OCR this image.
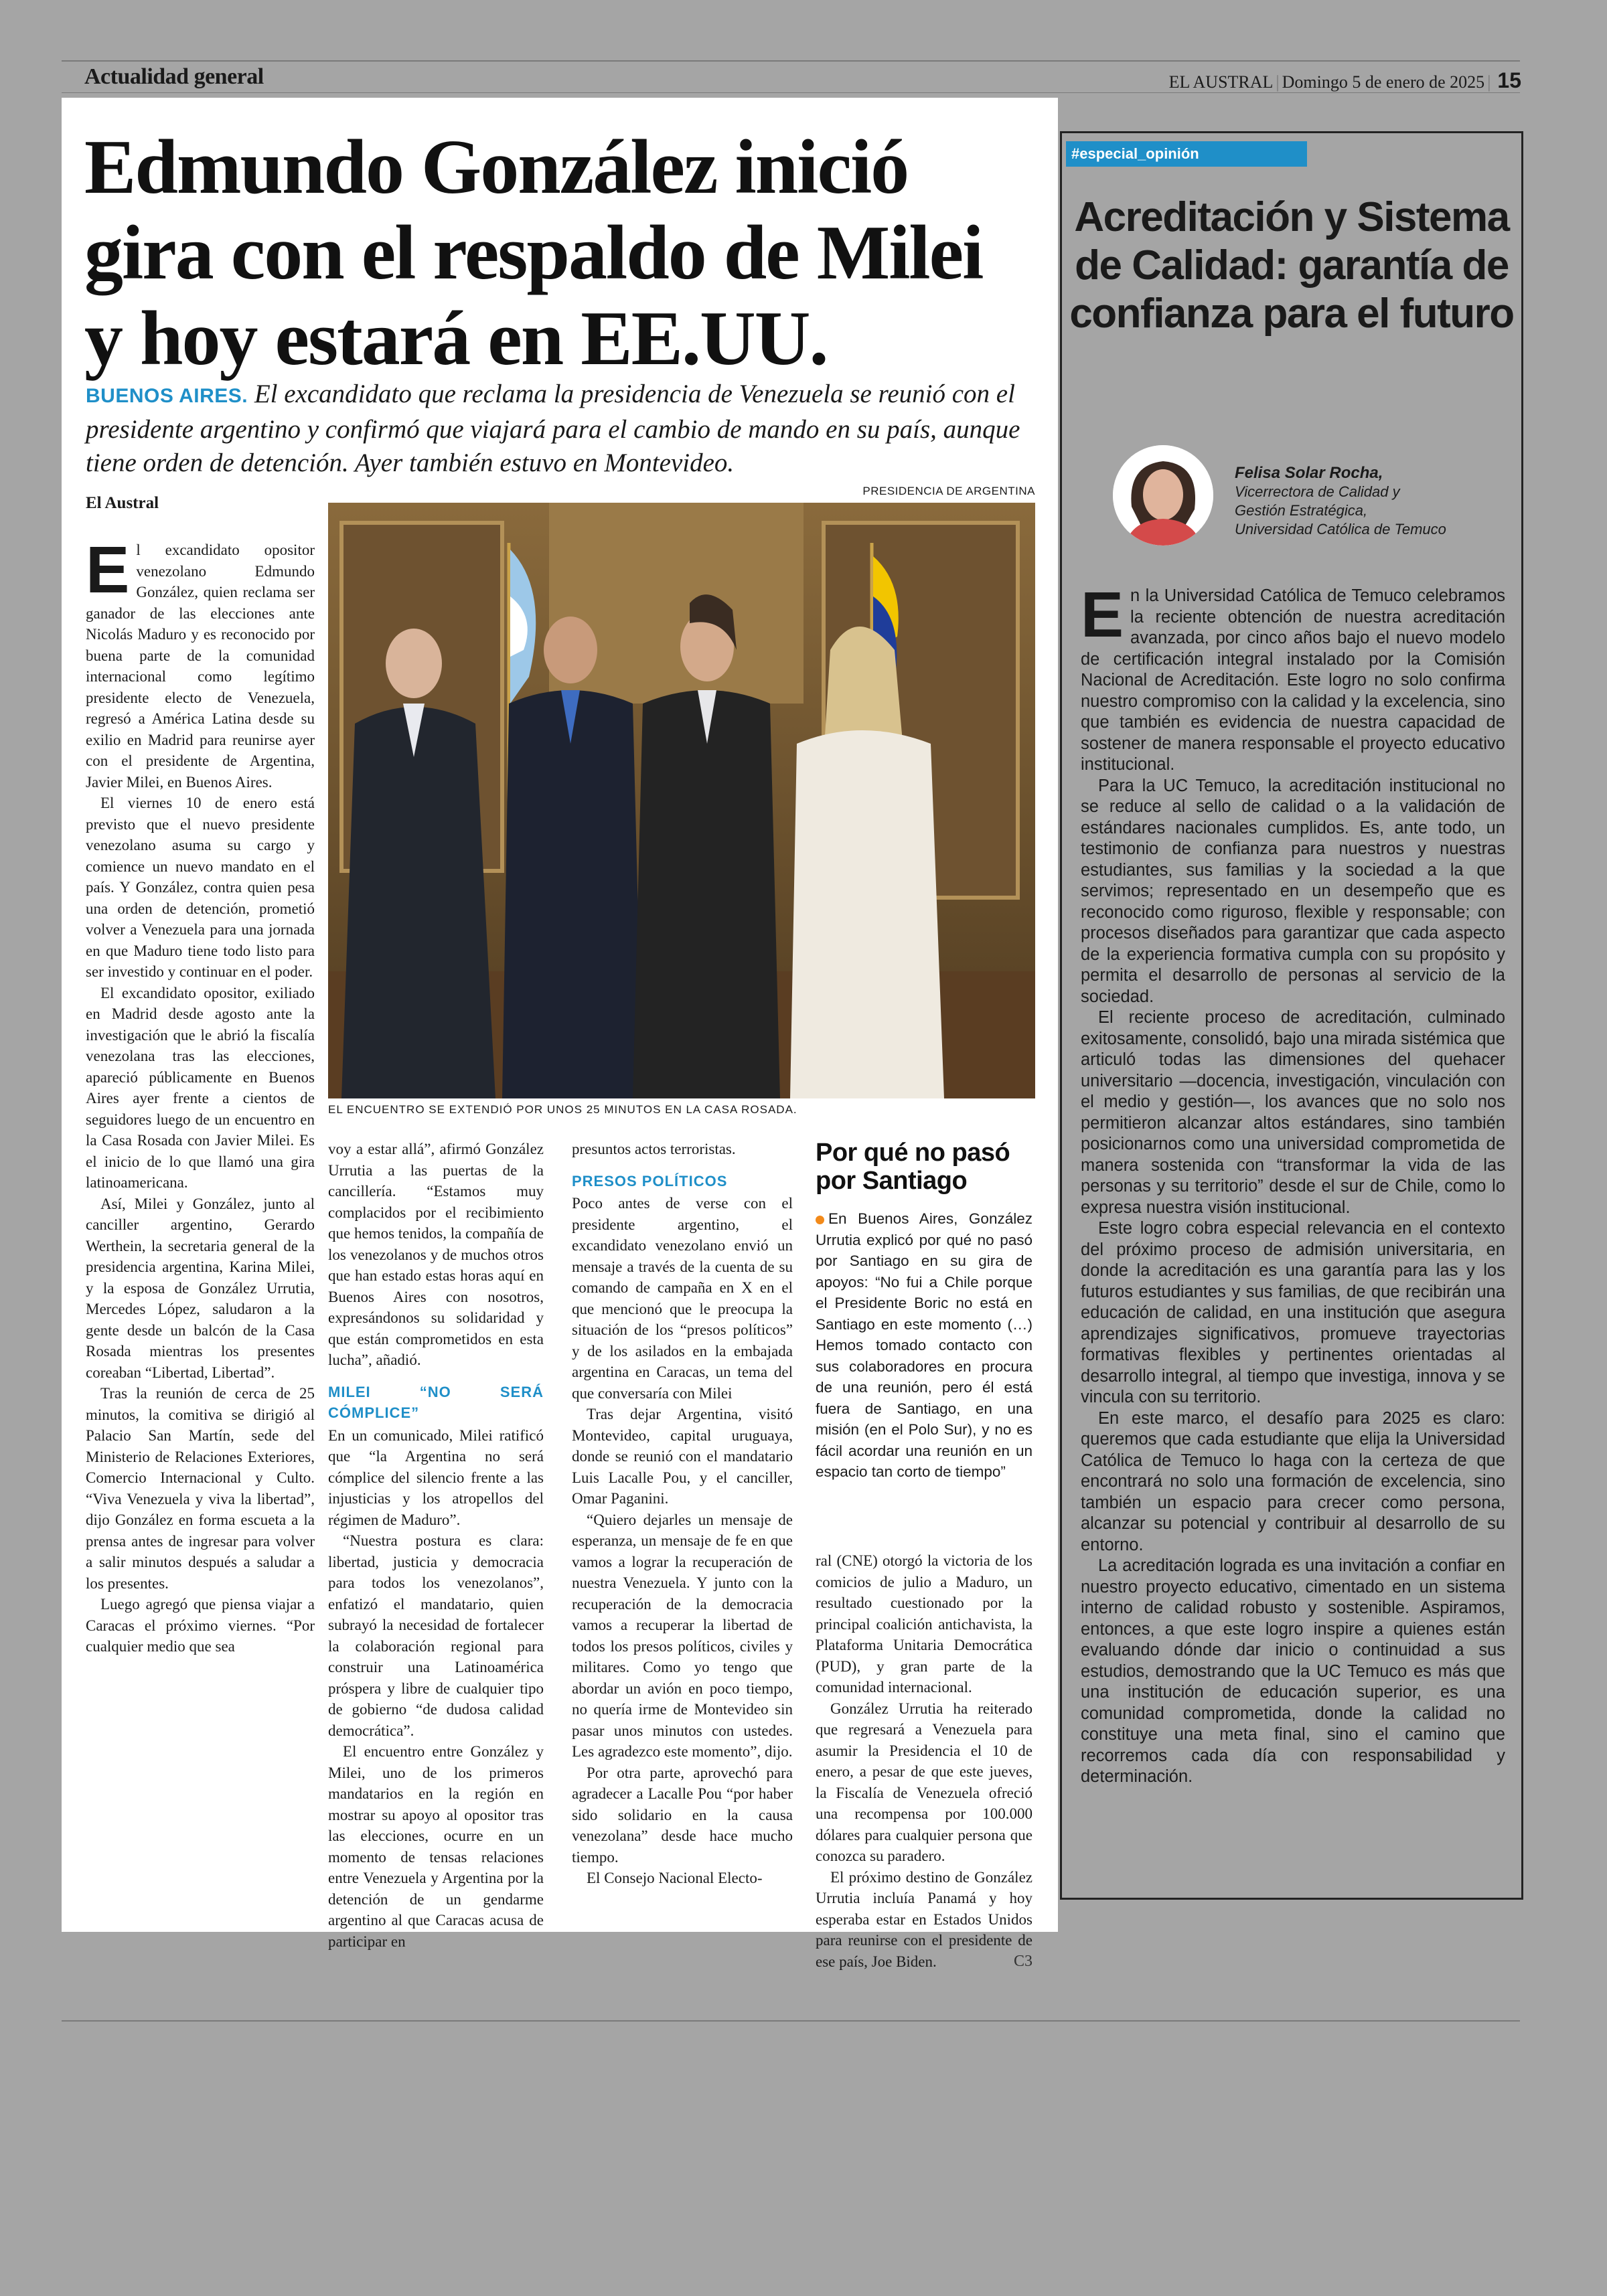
Actualidad general	EL AUSTRAL | Domingo 5 de enero de 2025 | 15
Edmundo González inició gira con el respaldo de Milei y hoy estará en EE.UU.
BUENOS AIRES. El excandidato que reclama la presidencia de Venezuela se reunió con el presidente argentino y confirmó que viajará para el cambio de mando en su país, aunque tiene orden de detención. Ayer también estuvo en Montevideo.
El Austral
PRESIDENCIA DE ARGENTINA
EL ENCUENTRO SE EXTENDIÓ POR UNOS 25 MINUTOS EN LA CASA ROSADA.
E l excandidato opositor venezolano Edmundo González, quien reclama ser ganador de las elecciones ante Nicolás Maduro y es reconocido por buena parte de la comunidad internacional como legítimo presidente electo de Venezuela, regresó a América Latina desde su exilio en Madrid para reunirse ayer con el presidente de Argentina, Javier Milei, en Buenos Aires.

El viernes 10 de enero está previsto que el nuevo presidente venezolano asuma su cargo y comience un nuevo mandato en el país. Y González, contra quien pesa una orden de detención, prometió volver a Venezuela para una jornada en que Maduro tiene todo listo para ser investido y continuar en el poder.

El excandidato opositor, exiliado en Madrid desde agosto ante la investigación que le abrió la fiscalía venezolana tras las elecciones, apareció públicamente en Buenos Aires ayer frente a cientos de seguidores luego de un encuentro en la Casa Rosada con Javier Milei. Es el inicio de lo que llamó una gira latinoamericana.

Así, Milei y González, junto al canciller argentino, Gerardo Werthein, la secretaria general de la presidencia argentina, Karina Milei, y la esposa de González Urrutia, Mercedes López, saludaron a la gente desde un balcón de la Casa Rosada mientras los presentes coreaban “Libertad, Libertad”.

Tras la reunión de cerca de 25 minutos, la comitiva se dirigió al Palacio San Martín, sede del Ministerio de Relaciones Exteriores, Comercio Internacional y Culto. “Viva Venezuela y viva la libertad”, dijo González en forma escueta a la prensa antes de ingresar para volver a salir minutos después a saludar a los presentes.

Luego agregó que piensa viajar a Caracas el próximo viernes. “Por cualquier medio que sea

voy a estar allá”, afirmó González Urrutia a las puertas de la cancillería. “Estamos muy complacidos por el recibimiento que hemos tenidos, la compañía de los venezolanos y de muchos otros que han estado estas horas aquí en Buenos Aires con nosotros, expresándonos su solidaridad y que están comprometidos en esta lucha”, añadió.

MILEI “NO SERÁ CÓMPLICE”

En un comunicado, Milei ratificó que “la Argentina no será cómplice del silencio frente a las injusticias y los atropellos del régimen de Maduro”.

“Nuestra postura es clara: libertad, justicia y democracia para todos los venezolanos”, enfatizó el mandatario, quien subrayó la necesidad de fortalecer la colaboración regional para construir una Latinoamérica próspera y libre de cualquier tipo de gobierno “de dudosa calidad democrática”.

El encuentro entre González y Milei, uno de los primeros mandatarios en la región en mostrar su apoyo al opositor tras las elecciones, ocurre en un momento de tensas relaciones entre Venezuela y Argentina por la detención de un gendarme argentino al que Caracas acusa de participar en

presuntos actos terroristas.

PRESOS POLÍTICOS

Poco antes de verse con el presidente argentino, el excandidato venezolano envió un mensaje a través de la cuenta de su comando de campaña en X en el que mencionó que le preocupa la situación de los “presos políticos” y de los asilados en la embajada argentina en Caracas, un tema del que conversaría con Milei

Tras dejar Argentina, visitó Montevideo, capital uruguaya, donde se reunió con el mandatario Luis Lacalle Pou, y el canciller, Omar Paganini.

“Quiero dejarles un mensaje de esperanza, un mensaje de fe en que vamos a lograr la recuperación de nuestra Venezuela. Y junto con la recuperación de la democracia vamos a recuperar la libertad de todos los presos políticos, civiles y militares. Como yo tengo que abordar un avión en poco tiempo, no quería irme de Montevideo sin pasar unos minutos con ustedes. Les agradezco este momento”, dijo.

Por otra parte, aprovechó para agradecer a Lacalle Pou “por haber sido solidario en la causa venezolana” desde hace mucho tiempo.

El Consejo Nacional Electo-

Por qué no pasó por Santiago

En Buenos Aires, González Urrutia explicó por qué no pasó por Santiago en su gira de apoyos: “No fui a Chile porque el Presidente Boric no está en Santiago en este momento (…) Hemos tomado contacto con sus colaboradores en procura de una reunión, pero él está fuera de Santiago, en una misión (en el Polo Sur), y no es fácil acordar una reunión en un espacio tan corto de tiempo”

ral (CNE) otorgó la victoria de los comicios de julio a Maduro, un resultado cuestionado por la principal coalición antichavista, la Plataforma Unitaria Democrática (PUD), y gran parte de la comunidad internacional.

González Urrutia ha reiterado que regresará a Venezuela para asumir la Presidencia el 10 de enero, a pesar de que este jueves, la Fiscalía de Venezuela ofreció una recompensa por 100.000 dólares para cualquier persona que conozca su paradero.

El próximo destino de González Urrutia incluía Panamá y hoy esperaba estar en Estados Unidos para reunirse con el presidente de ese país, Joe Biden.	C3

#especial_opinión
Acreditación y Sistema de Calidad: garantía de confianza para el futuro
Felisa Solar Rocha,
Vicerrectora de Calidad y
Gestión Estratégica,
Universidad Católica de Temuco
E n la Universidad Católica de Temuco celebramos la reciente obtención de nuestra acreditación avanzada, por cinco años bajo el nuevo modelo de certificación integral instalado por la Comisión Nacional de Acreditación. Este logro no solo confirma nuestro compromiso con la calidad y la excelencia, sino que también es evidencia de nuestra capacidad de sostener de manera responsable el proyecto educativo institucional.

Para la UC Temuco, la acreditación institucional no se reduce al sello de calidad o a la validación de estándares nacionales cumplidos. Es, ante todo, un testimonio de confianza para nuestros y nuestras estudiantes, sus familias y la sociedad a la que servimos; representado en un desempeño que es reconocido como riguroso, flexible y responsable; con procesos diseñados para garantizar que cada aspecto de la experiencia formativa cumpla con su propósito y permita el desarrollo de personas al servicio de la sociedad.

El reciente proceso de acreditación, culminado exitosamente, consolidó, bajo una mirada sistémica que articuló todas las dimensiones del quehacer universitario —docencia, investigación, vinculación con el medio y gestión—, los avances que no solo nos permitieron alcanzar altos estándares, sino también posicionarnos como una universidad comprometida de manera sostenida con “transformar la vida de las personas y su territorio” desde el sur de Chile, como lo expresa nuestra visión institucional.

Este logro cobra especial relevancia en el contexto del próximo proceso de admisión universitaria, en donde la acreditación es una garantía para las y los futuros estudiantes y sus familias, de que recibirán una educación de calidad, en una institución que asegura aprendizajes significativos, promueve trayectorias formativas flexibles y pertinentes orientadas al desarrollo integral, al tiempo que investiga, innova y se vincula con su territorio.

En este marco, el desafío para 2025 es claro: queremos que cada estudiante que elija la Universidad Católica de Temuco lo haga con la certeza de que encontrará no solo una formación de excelencia, sino también un espacio para crecer como persona, alcanzar su potencial y contribuir al desarrollo de su entorno.

La acreditación lograda es una invitación a confiar en nuestro proyecto educativo, cimentado en un sistema interno de calidad robusto y sostenible. Aspiramos, entonces, a que este logro inspire a quienes están evaluando dónde dar inicio o continuidad a sus estudios, demostrando que la UC Temuco es más que una institución de educación superior, es una comunidad comprometida, donde la calidad no constituye una meta final, sino el camino que recorremos cada día con responsabilidad y determinación.
